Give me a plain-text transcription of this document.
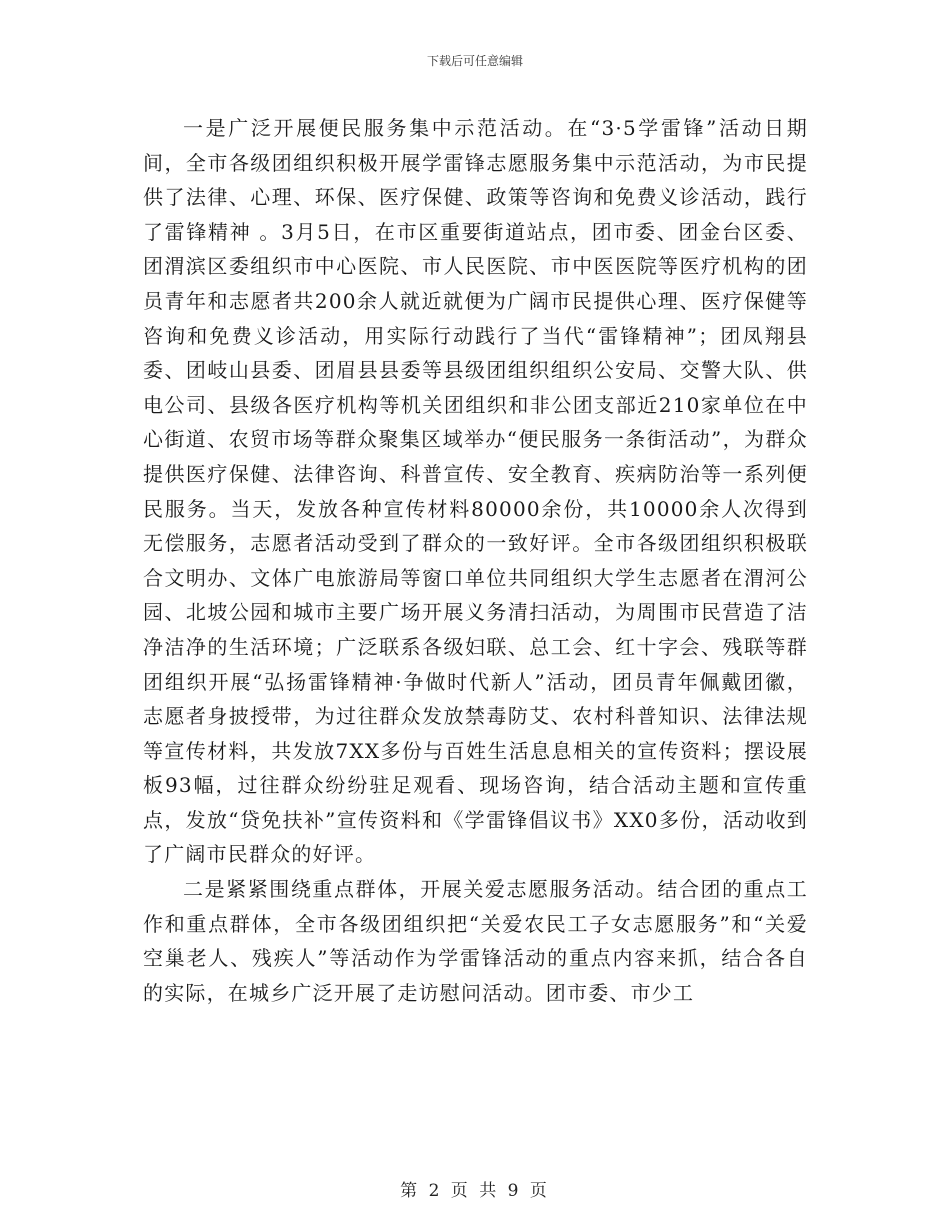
下载后可任意编辑

一是广泛开展便民服务集中示范活动。在“3·5学雷锋”活动日期间，全市各级团组织积极开展学雷锋志愿服务集中示范活动，为市民提供了法律、心理、环保、医疗保健、政策等咨询和免费义诊活动，践行了雷锋精神 。3月5日，在市区重要街道站点，团市委、团金台区委、团渭滨区委组织市中心医院、市人民医院、市中医医院等医疗机构的团员青年和志愿者共200余人就近就便为广阔市民提供心理、医疗保健等咨询和免费义诊活动，用实际行动践行了当代“雷锋精神”；团凤翔县委、团岐山县委、团眉县县委等县级团组织组织公安局、交警大队、供电公司、县级各医疗机构等机关团组织和非公团支部近210家单位在中心街道、农贸市场等群众聚集区域举办“便民服务一条街活动”，为群众提供医疗保健、法律咨询、科普宣传、安全教育、疾病防治等一系列便民服务。当天，发放各种宣传材料80000余份，共10000余人次得到无偿服务，志愿者活动受到了群众的一致好评。全市各级团组织积极联合文明办、文体广电旅游局等窗口单位共同组织大学生志愿者在渭河公园、北坡公园和城市主要广场开展义务清扫活动，为周围市民营造了洁净洁净的生活环境；广泛联系各级妇联、总工会、红十字会、残联等群团组织开展“弘扬雷锋精神·争做时代新人”活动，团员青年佩戴团徽，志愿者身披授带，为过往群众发放禁毒防艾、农村科普知识、法律法规等宣传材料，共发放7XX多份与百姓生活息息相关的宣传资料；摆设展板93幅，过往群众纷纷驻足观看、现场咨询，结合活动主题和宣传重点，发放“贷免扶补”宣传资料和《学雷锋倡议书》XX0多份，活动收到了广阔市民群众的好评。

二是紧紧围绕重点群体，开展关爱志愿服务活动。结合团的重点工作和重点群体，全市各级团组织把“关爱农民工子女志愿服务”和“关爱空巢老人、残疾人”等活动作为学雷锋活动的重点内容来抓，结合各自的实际，在城乡广泛开展了走访慰问活动。团市委、市少工

第 2 页 共 9 页
